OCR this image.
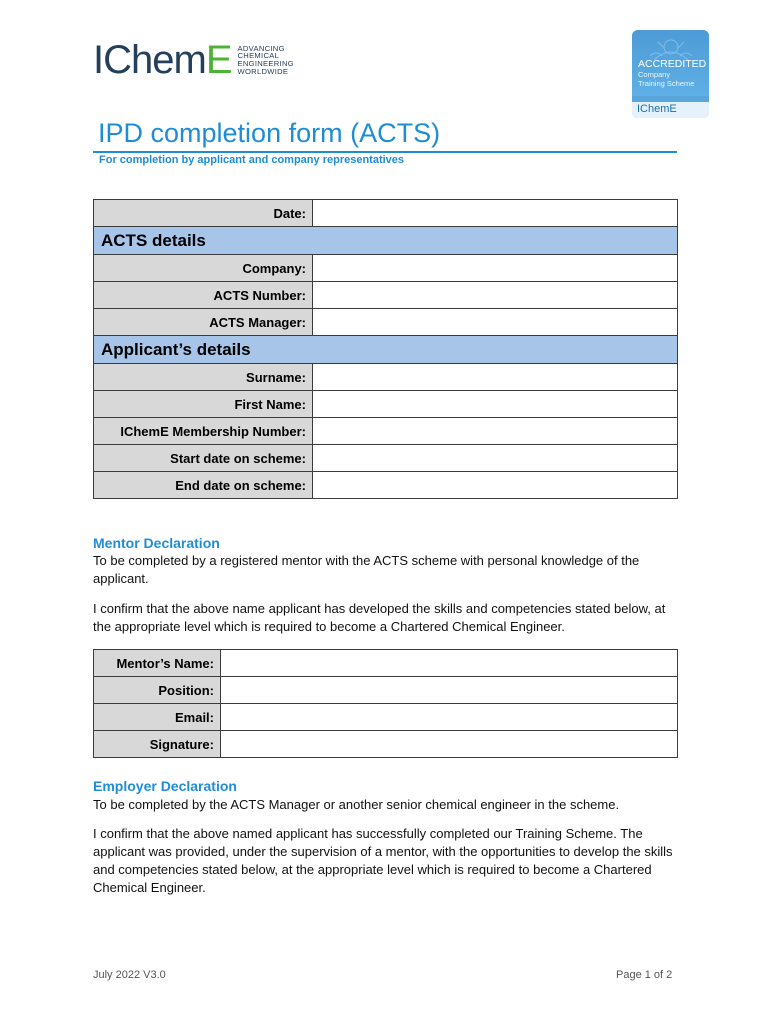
IChemE ADVANCING
CHEMICAL
ENGINEERING
WORLDWIDE
ACCREDITED
Company
Training Scheme
IChemE
IPD completion form (ACTS)
For completion by applicant and company representatives
Date:	
ACTS details	
Company:	
ACTS Number:	
ACTS Manager:	
Applicant’s details	
Surname:	
First Name:	
IChemE Membership Number:	
Start date on scheme:	
End date on scheme:	
Mentor Declaration
To be completed by a registered mentor with the ACTS scheme with personal knowledge of the applicant.
I confirm that the above name applicant has developed the skills and competencies stated below, at the appropriate level which is required to become a Chartered Chemical Engineer.
Mentor’s Name:	
Position:	
Email:	
Signature:	
Employer Declaration
To be completed by the ACTS Manager or another senior chemical engineer in the scheme.
I confirm that the above named applicant has successfully completed our Training Scheme. The applicant was provided, under the supervision of a mentor, with the opportunities to develop the skills and competencies stated below, at the appropriate level which is required to become a Chartered Chemical Engineer.
July 2022 V3.0	Page 1 of 2
